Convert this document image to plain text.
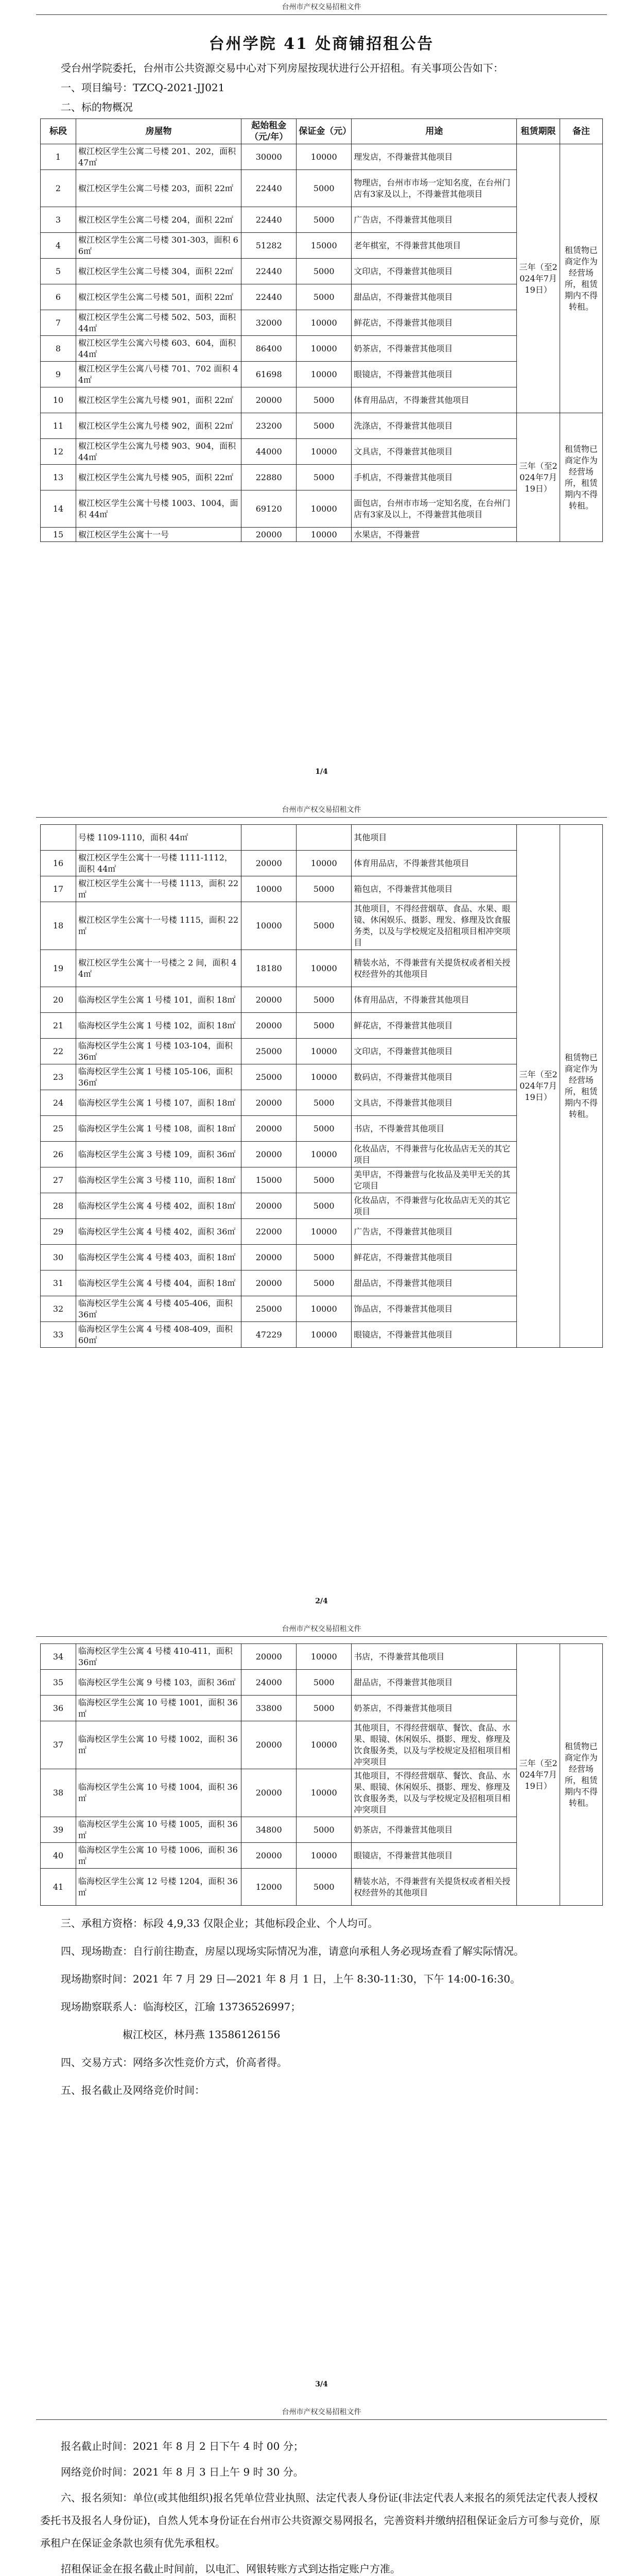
台州市产权交易招租文件
台州学院 41 处商铺招租公告

受台州学院委托，台州市公共资源交易中心对下列房屋按现状进行公开招租。有关事项公告如下：

一、项目编号：TZCQ-2021-JJ021

二、标的物概况

标段	房屋物	起始租金（元/年）	保证金（元）	用途	租赁期限	备注
1	椒江校区学生公寓二号楼 201、202，面积 47㎡	30000	10000	理发店，不得兼营其他项目	三年（至2024年7月19日）	租赁物已商定作为经营场所，租赁期内不得转租。
2	椒江校区学生公寓二号楼 203，面积 22㎡	22440	5000	物理店，台州市市场一定知名度，在台州门店有3家及以上，不得兼营其他项目		
3	椒江校区学生公寓二号楼 204，面积 22㎡	22440	5000	广告店，不得兼营其他项目		
4	椒江校区学生公寓二号楼 301-303，面积 66㎡	51282	15000	老年棋室，不得兼营其他项目		
5	椒江校区学生公寓二号楼 304，面积 22㎡	22440	5000	文印店，不得兼营其他项目		
6	椒江校区学生公寓二号楼 501，面积 22㎡	22440	5000	甜品店，不得兼营其他项目		
7	椒江校区学生公寓二号楼 502、503，面积 44㎡	32000	10000	鲜花店，不得兼营其他项目		
8	椒江校区学生公寓六号楼 603、604，面积 44㎡	86400	10000	奶茶店，不得兼营其他项目		
9	椒江校区学生公寓八号楼 701、702 面积 44㎡	61698	10000	眼镜店，不得兼营其他项目		
10	椒江校区学生公寓九号楼 901，面积 22㎡	20000	5000	体育用品店，不得兼营其他项目		
11	椒江校区学生公寓九号楼 902，面积 22㎡	23200	5000	洗涤店，不得兼营其他项目	三年（至2024年7月19日）	租赁物已商定作为经营场所，租赁期内不得转租。
12	椒江校区学生公寓九号楼 903、904，面积 44㎡	44000	10000	文具店，不得兼营其他项目		
13	椒江校区学生公寓九号楼 905，面积 22㎡	22880	5000	手机店，不得兼营其他项目		
14	椒江校区学生公寓十号楼 1003、1004，面积 44㎡	69120	10000	面包店，台州市市场一定知名度，在台州门店有3家及以上，不得兼营其他项目		
15	椒江校区学生公寓十一号	20000	10000	水果店，不得兼营		
1/4
台州市产权交易招租文件
	号楼 1109-1110，面积 44㎡			其他项目	三年（至2024年7月19日）	租赁物已商定作为经营场所，租赁期内不得转租。
16	椒江校区学生公寓十一号楼 1111-1112，面积 44㎡	20000	10000	体育用品店，不得兼营其他项目		
17	椒江校区学生公寓十一号楼 1113，面积 22㎡	10000	5000	箱包店，不得兼营其他项目		
18	椒江校区学生公寓十一号楼 1115，面积 22㎡	10000	5000	其他项目，不得经营烟草、食品、水果、眼镜、休闲娱乐、摄影、理发、修理及饮食服务类，以及与学校规定及招租项目相冲突项目		
19	椒江校区学生公寓十一号楼之 2 间，面积 44㎡	18180	10000	精装水站，不得兼营有关提货权或者相关授权经营外的其他项目		
20	临海校区学生公寓 1 号楼 101，面积 18㎡	20000	5000	体育用品店，不得兼营其他项目		
21	临海校区学生公寓 1 号楼 102，面积 18㎡	20000	5000	鲜花店，不得兼营其他项目		
22	临海校区学生公寓 1 号楼 103-104，面积 36㎡	25000	10000	文印店，不得兼营其他项目		
23	临海校区学生公寓 1 号楼 105-106，面积 36㎡	25000	10000	数码店，不得兼营其他项目		
24	临海校区学生公寓 1 号楼 107，面积 18㎡	20000	5000	文具店，不得兼营其他项目		
25	临海校区学生公寓 1 号楼 108，面积 18㎡	20000	5000	书店，不得兼营其他项目		
26	临海校区学生公寓 3 号楼 109，面积 36㎡	20000	10000	化妆品店，不得兼营与化妆品店无关的其它项目		
27	临海校区学生公寓 3 号楼 110，面积 18㎡	15000	5000	美甲店，不得兼营与化妆品及美甲无关的其它项目		
28	临海校区学生公寓 4 号楼 402，面积 18㎡	20000	5000	化妆品店，不得兼营与化妆品店无关的其它项目		
29	临海校区学生公寓 4 号楼 402，面积 36㎡	22000	10000	广告店，不得兼营其他项目		
30	临海校区学生公寓 4 号楼 403，面积 18㎡	20000	5000	鲜花店，不得兼营其他项目		
31	临海校区学生公寓 4 号楼 404，面积 18㎡	20000	5000	甜品店，不得兼营其他项目		
32	临海校区学生公寓 4 号楼 405-406，面积 36㎡	25000	10000	饰品店，不得兼营其他项目		
33	临海校区学生公寓 4 号楼 408-409，面积 60㎡	47229	10000	眼镜店，不得兼营其他项目		
2/4
台州市产权交易招租文件
34	临海校区学生公寓 4 号楼 410-411，面积 36㎡	20000	10000	书店，不得兼营其他项目	三年（至2024年7月19日）	租赁物已商定作为经营场所，租赁期内不得转租。
35	临海校区学生公寓 9 号楼 103，面积 36㎡	24000	5000	甜品店，不得兼营其他项目		
36	临海校区学生公寓 10 号楼 1001，面积 36㎡	33800	5000	奶茶店，不得兼营其他项目		
37	临海校区学生公寓 10 号楼 1002，面积 36㎡	20000	10000	其他项目，不得经营烟草、餐饮、食品、水果、眼镜、休闲娱乐、摄影、理发、修理及饮食服务类，以及与学校规定及招租项目相冲突项目		
38	临海校区学生公寓 10 号楼 1004，面积 36㎡	20000	10000	其他项目，不得经营烟草、餐饮、食品、水果、眼镜、休闲娱乐、摄影、理发、修理及饮食服务类，以及与学校规定及招租项目相冲突项目		
39	临海校区学生公寓 10 号楼 1005，面积 36㎡	34800	5000	奶茶店，不得兼营其他项目		
40	临海校区学生公寓 10 号楼 1006，面积 36㎡	20000	10000	眼镜店，不得兼营其他项目		
41	临海校区学生公寓 12 号楼 1204，面积 36㎡	12000	5000	精装水站，不得兼营有关提货权或者相关授权经营外的其他项目		

三、承租方资格：标段 4,9,33 仅限企业；其他标段企业、个人均可。

四、现场勘查：自行前往勘查，房屋以现场实际情况为准，请意向承租人务必现场查看了解实际情况。

现场勘察时间：2021 年 7 月 29 日—2021 年 8 月 1 日，上午 8:30-11:30，下午 14:00-16:30。

现场勘察联系人：临海校区，江瑜 13736526997；

椒江校区，林丹燕 13586126156

四、交易方式：网络多次性竞价方式，价高者得。

五、报名截止及网络竞价时间：

3/4
台州市产权交易招租文件

报名截止时间：2021 年 8 月 2 日下午 4 时 00 分；

网络竞价时间：2021 年 8 月 3 日上午 9 时 30 分。

六、报名须知：单位(或其他组织)报名凭单位营业执照、法定代表人身份证(非法定代表人来报名的须凭法定代表人授权委托书及报名人身份证)，自然人凭本身份证在台州市公共资源交易网报名，完善资料并缴纳招租保证金后方可参与竞价，原承租户在保证金条款也须有优先承租权。

招租保证金在报名截止时间前，以电汇、网银转账方式到达指定账户方准。
